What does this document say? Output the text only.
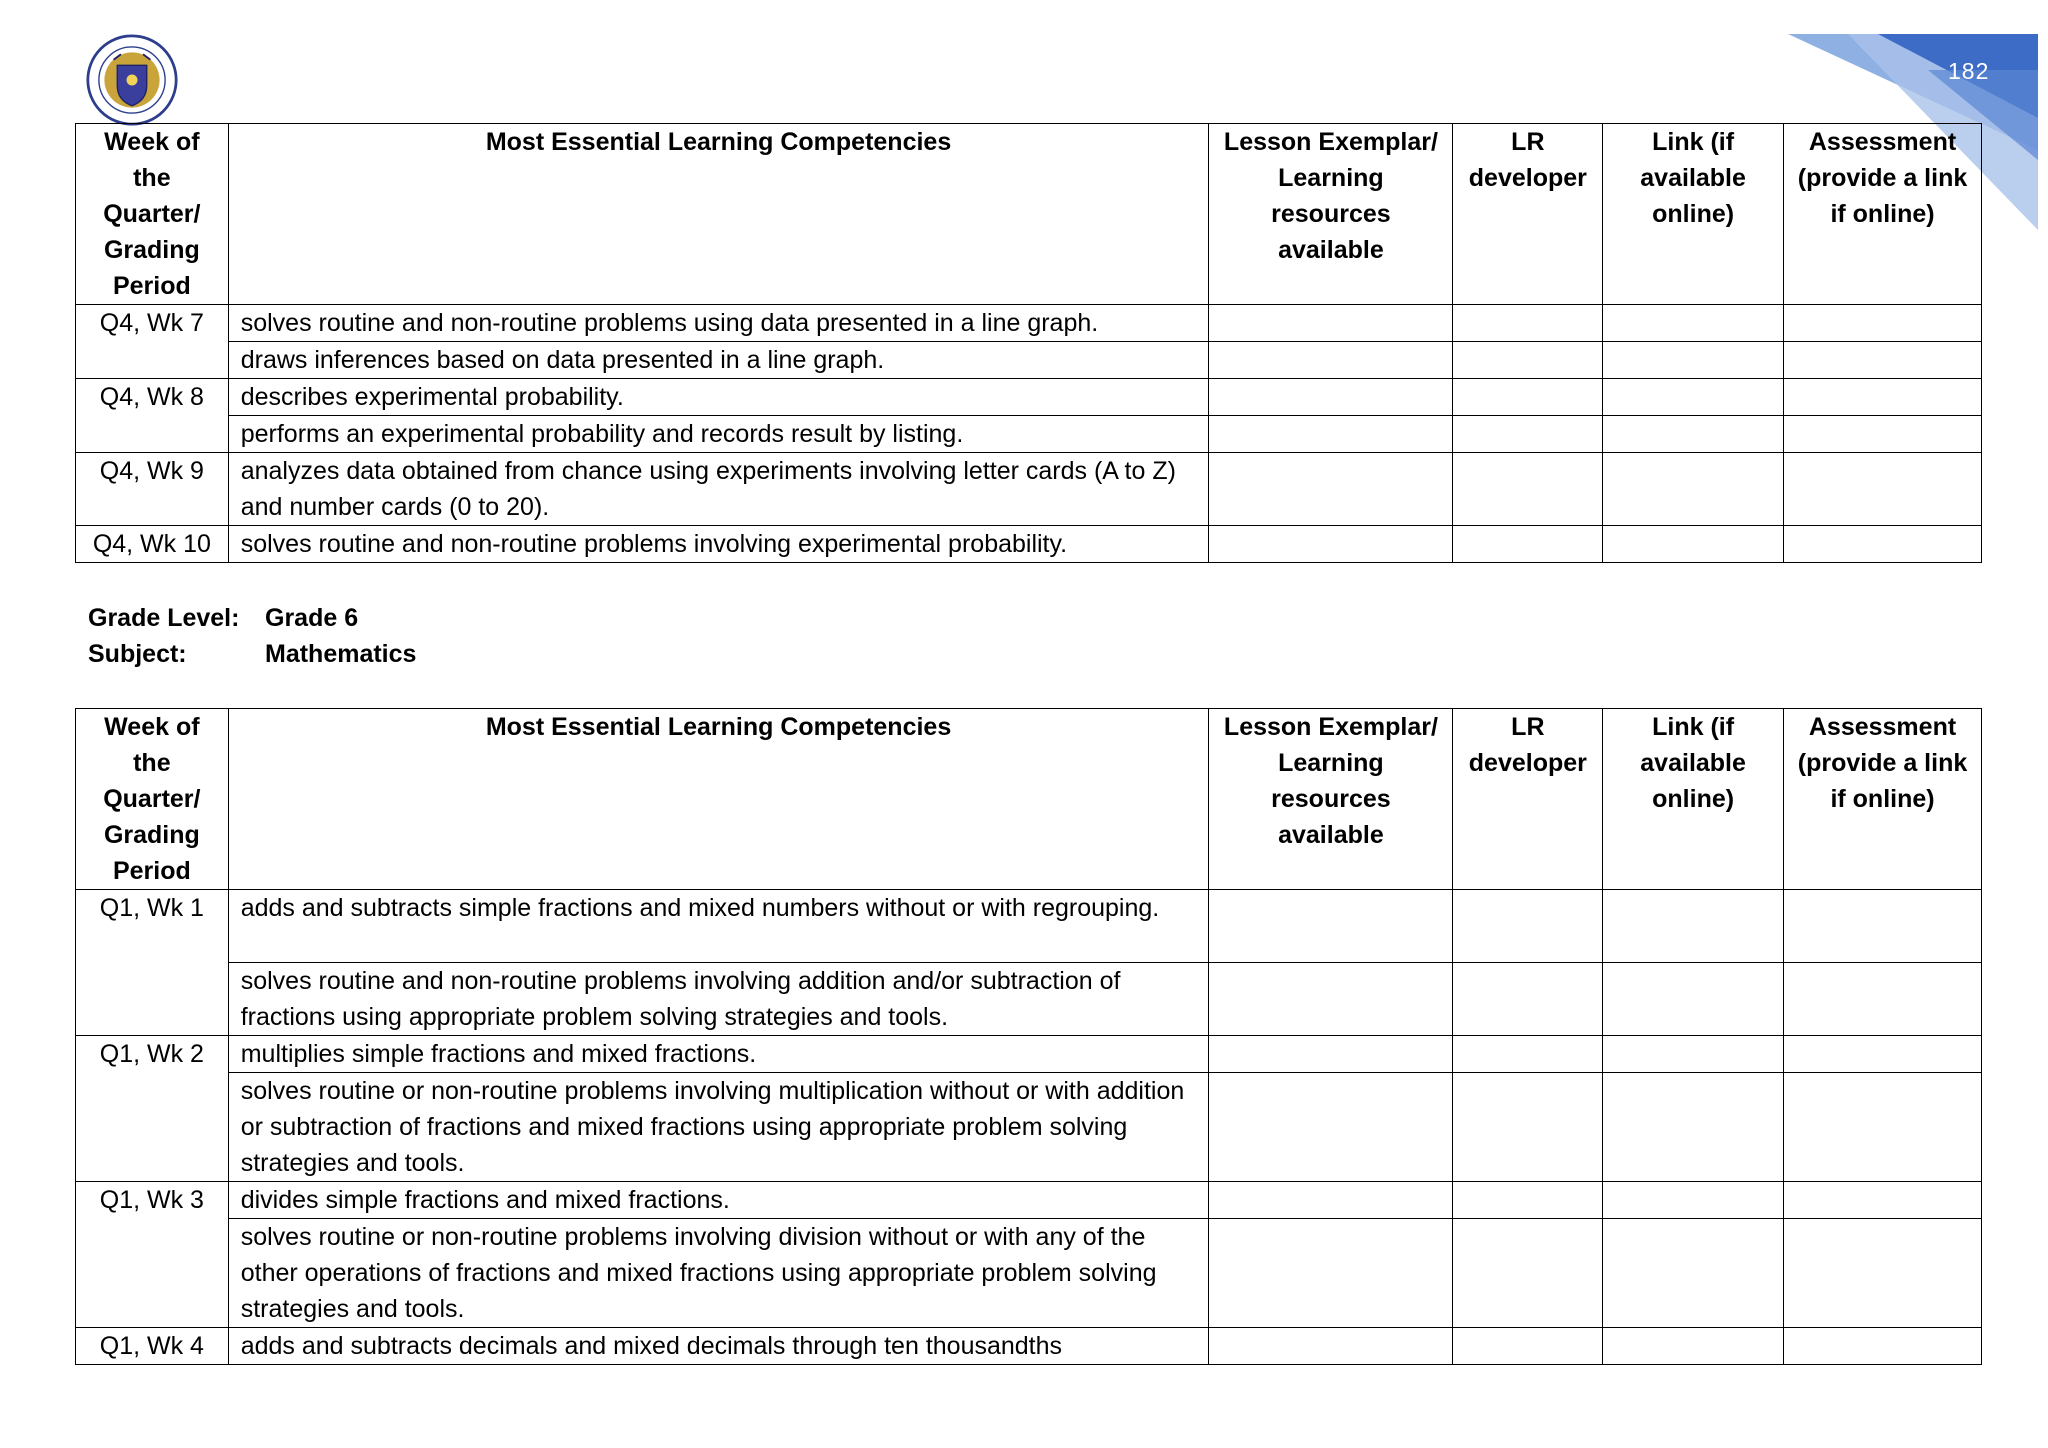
182
Week of the Quarter/ Grading Period	Most Essential Learning Competencies	Lesson Exemplar/ Learning resources available	LR developer	Link (if available online)	Assessment (provide a link if online)
Q4, Wk 7	solves routine and non-routine problems using data presented in a line graph.				
	draws inferences based on data presented in a line graph.				
Q4, Wk 8	describes experimental probability.				
	performs an experimental probability and records result by listing.				
Q4, Wk 9	analyzes data obtained from chance using experiments involving letter cards (A to Z) and number cards (0 to 20).				
Q4, Wk 10	solves routine and non-routine problems involving experimental probability.				
Grade Level:	Grade 6
Subject:	Mathematics
Week of the Quarter/ Grading Period	Most Essential Learning Competencies	Lesson Exemplar/ Learning resources available	LR developer	Link (if available online)	Assessment (provide a link if online)
Q1, Wk 1	adds and subtracts simple fractions and mixed numbers without or with regrouping.				
	solves routine and non-routine problems involving addition and/or subtraction of fractions using appropriate problem solving strategies and tools.				
Q1, Wk 2	multiplies simple fractions and mixed fractions.				
	solves routine or non-routine problems involving multiplication without or with addition or subtraction of fractions and mixed fractions using appropriate problem solving strategies and tools.				
Q1, Wk 3	divides simple fractions and mixed fractions.				
	solves routine or non-routine problems involving division without or with any of the other operations of fractions and mixed fractions using appropriate problem solving strategies and tools.				
Q1, Wk 4	adds and subtracts decimals and mixed decimals through ten thousandths				
